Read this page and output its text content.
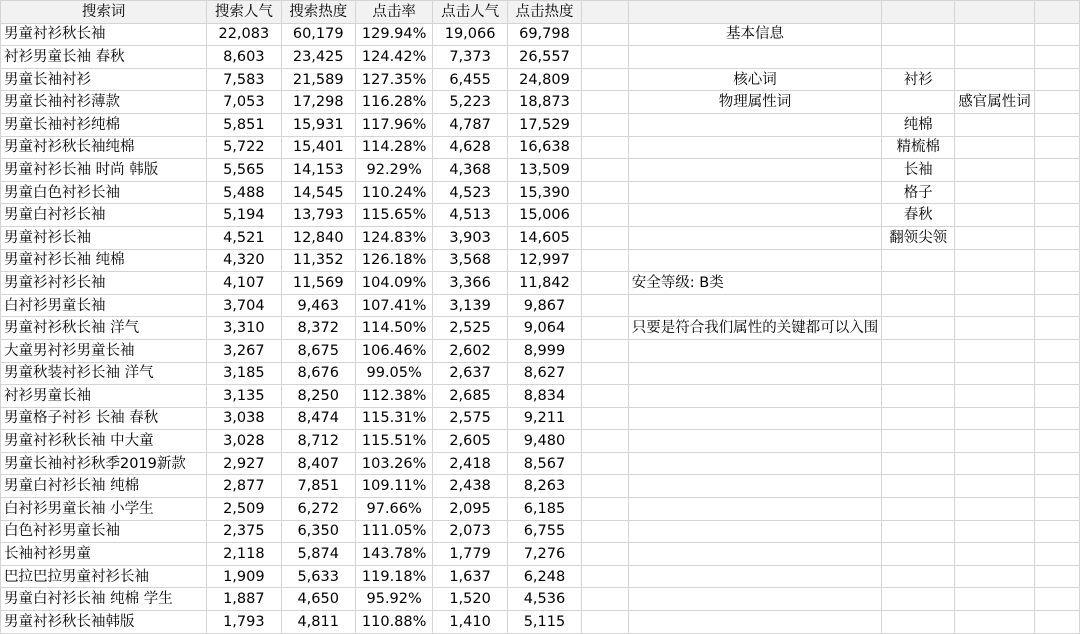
搜索词	搜索人气	搜索热度	点击率	点击人气	点击热度					
男童衬衫秋长袖	22,083	60,179	129.94%	19,066	69,798		基本信息			
衬衫男童长袖 春秋	8,603	23,425	124.42%	7,373	26,557					
男童长袖衬衫	7,583	21,589	127.35%	6,455	24,809		核心词	衬衫		
男童长袖衬衫薄款	7,053	17,298	116.28%	5,223	18,873		物理属性词		感官属性词	
男童长袖衬衫纯棉	5,851	15,931	117.96%	4,787	17,529			纯棉		
男童衬衫秋长袖纯棉	5,722	15,401	114.28%	4,628	16,638			精梳棉		
男童衬衫长袖 时尚 韩版	5,565	14,153	92.29%	4,368	13,509			长袖		
男童白色衬衫长袖	5,488	14,545	110.24%	4,523	15,390			格子		
男童白衬衫长袖	5,194	13,793	115.65%	4,513	15,006			春秋		
男童衬衫长袖	4,521	12,840	124.83%	3,903	14,605			翻领尖领		
男童衬衫长袖 纯棉	4,320	11,352	126.18%	3,568	12,997					
男童衫衬衫长袖	4,107	11,569	104.09%	3,366	11,842		安全等级: B类			
白衬衫男童长袖	3,704	9,463	107.41%	3,139	9,867					
男童衬衫秋长袖 洋气	3,310	8,372	114.50%	2,525	9,064		只要是符合我们属性的关键都可以入围			
大童男衬衫男童长袖	3,267	8,675	106.46%	2,602	8,999					
男童秋装衬衫长袖 洋气	3,185	8,676	99.05%	2,637	8,627					
衬衫男童长袖	3,135	8,250	112.38%	2,685	8,834					
男童格子衬衫 长袖 春秋	3,038	8,474	115.31%	2,575	9,211					
男童衬衫秋长袖 中大童	3,028	8,712	115.51%	2,605	9,480					
男童长袖衬衫秋季2019新款	2,927	8,407	103.26%	2,418	8,567					
男童白衬衫长袖 纯棉	2,877	7,851	109.11%	2,438	8,263					
白衬衫男童长袖 小学生	2,509	6,272	97.66%	2,095	6,185					
白色衬衫男童长袖	2,375	6,350	111.05%	2,073	6,755					
长袖衬衫男童	2,118	5,874	143.78%	1,779	7,276					
巴拉巴拉男童衬衫长袖	1,909	5,633	119.18%	1,637	6,248					
男童白衬衫长袖 纯棉 学生	1,887	4,650	95.92%	1,520	4,536					
男童衬衫秋长袖韩版	1,793	4,811	110.88%	1,410	5,115					
